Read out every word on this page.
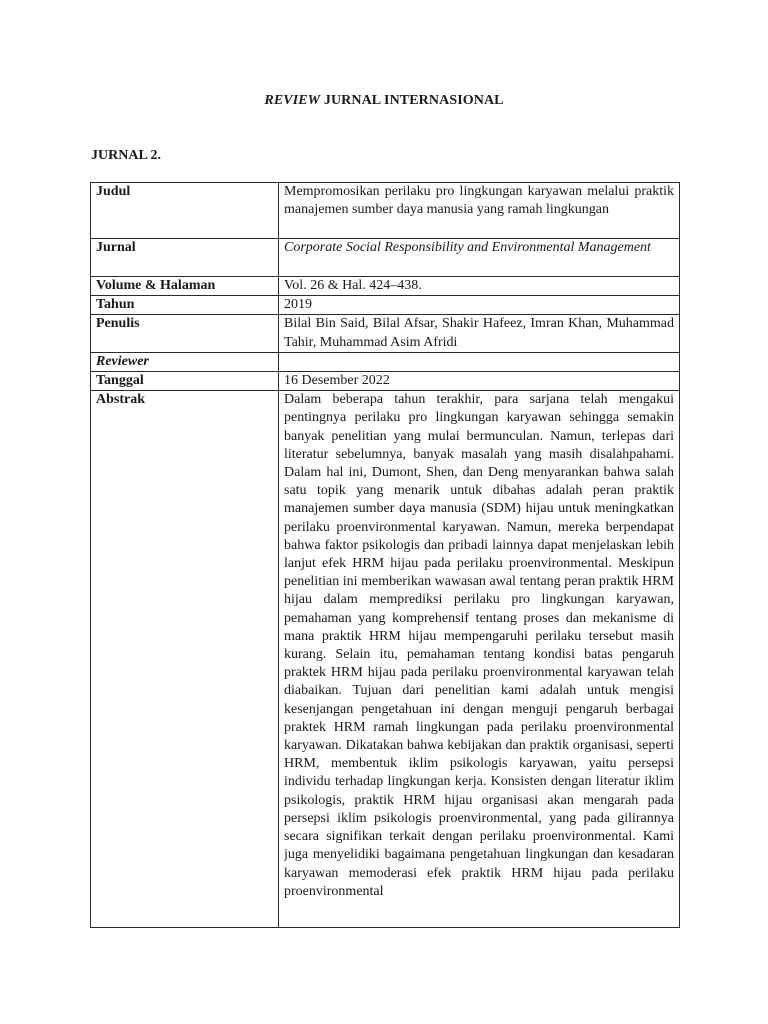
REVIEW JURNAL INTERNASIONAL
JURNAL 2.
Judul	Mempromosikan perilaku pro lingkungan karyawan melalui praktik manajemen sumber daya manusia yang ramah lingkungan
Jurnal	Corporate Social Responsibility and Environmental Management
Volume & Halaman	Vol. 26 & Hal. 424–438.
Tahun	2019
Penulis	Bilal Bin Said, Bilal Afsar, Shakir Hafeez, Imran Khan, Muhammad Tahir, Muhammad Asim Afridi
Reviewer	
Tanggal	16 Desember 2022
Abstrak	Dalam beberapa tahun terakhir, para sarjana telah mengakui pentingnya perilaku pro lingkungan karyawan sehingga semakin banyak penelitian yang mulai bermunculan. Namun, terlepas dari literatur sebelumnya, banyak masalah yang masih disalahpahami. Dalam hal ini, Dumont, Shen, dan Deng menyarankan bahwa salah satu topik yang menarik untuk dibahas adalah peran praktik manajemen sumber daya manusia (SDM) hijau untuk meningkatkan perilaku proenvironmental karyawan. Namun, mereka berpendapat bahwa faktor psikologis dan pribadi lainnya dapat menjelaskan lebih lanjut efek HRM hijau pada perilaku proenvironmental. Meskipun penelitian ini memberikan wawasan awal tentang peran praktik HRM hijau dalam memprediksi perilaku pro lingkungan karyawan, pemahaman yang komprehensif tentang proses dan mekanisme di mana praktik HRM hijau mempengaruhi perilaku tersebut masih kurang. Selain itu, pemahaman tentang kondisi batas pengaruh praktek HRM hijau pada perilaku proenvironmental karyawan telah diabaikan. Tujuan dari penelitian kami adalah untuk mengisi kesenjangan pengetahuan ini dengan menguji pengaruh berbagai praktek HRM ramah lingkungan pada perilaku proenvironmental karyawan. Dikatakan bahwa kebijakan dan praktik organisasi, seperti HRM, membentuk iklim psikologis karyawan, yaitu persepsi individu terhadap lingkungan kerja. Konsisten dengan literatur iklim psikologis, praktik HRM hijau organisasi akan mengarah pada persepsi iklim psikologis proenvironmental, yang pada gilirannya secara signifikan terkait dengan perilaku proenvironmental. Kami juga menyelidiki bagaimana pengetahuan lingkungan dan kesadaran karyawan memoderasi efek praktik HRM hijau pada perilaku proenvironmental
